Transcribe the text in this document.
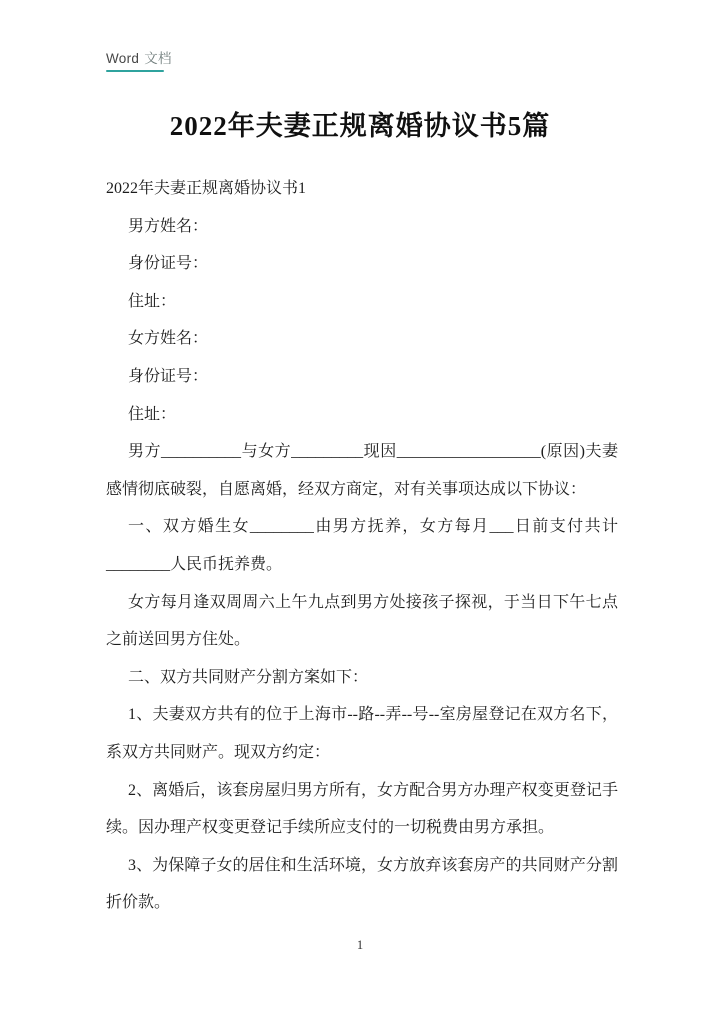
Word 文档
2022年夫妻正规离婚协议书5篇

2022年夫妻正规离婚协议书1

男方姓名：

身份证号：

住址：

女方姓名：

身份证号：

住址：

男方__________与女方_________现因__________________(原因)夫妻感情彻底破裂，自愿离婚，经双方商定，对有关事项达成以下协议：

一、双方婚生女________由男方抚养，女方每月___日前支付共计________人民币抚养费。

女方每月逢双周周六上午九点到男方处接孩子探视，于当日下午七点之前送回男方住处。

二、双方共同财产分割方案如下：

1、夫妻双方共有的位于上海市--路--弄--号--室房屋登记在双方名下，系双方共同财产。现双方约定：

2、离婚后，该套房屋归男方所有，女方配合男方办理产权变更登记手续。因办理产权变更登记手续所应支付的一切税费由男方承担。

3、为保障子女的居住和生活环境，女方放弃该套房产的共同财产分割折价款。

1
